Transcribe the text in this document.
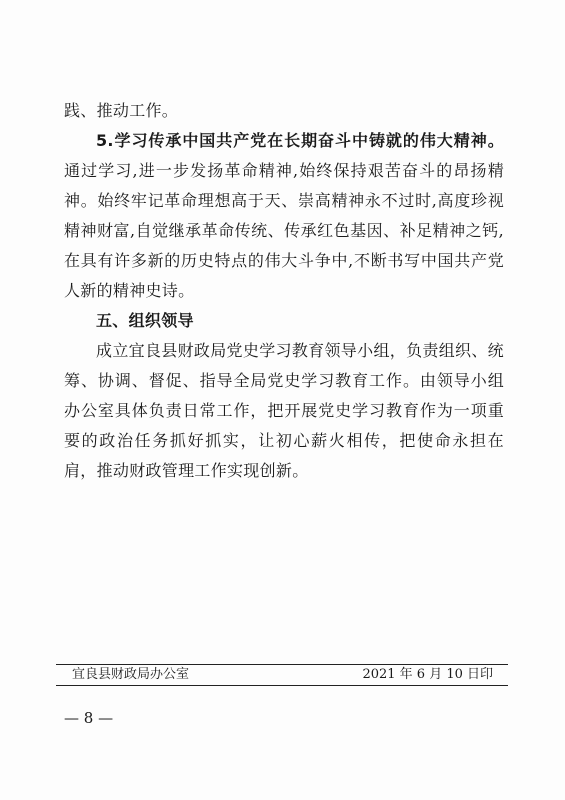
践、推动工作。

5.学习传承中国共产党在长期奋斗中铸就的伟大精神。通过学习,进一步发扬革命精神,始终保持艰苦奋斗的昂扬精神。始终牢记革命理想高于天、崇高精神永不过时,高度珍视精神财富,自觉继承革命传统、传承红色基因、补足精神之钙,在具有许多新的历史特点的伟大斗争中,不断书写中国共产党人新的精神史诗。

五、组织领导

成立宜良县财政局党史学习教育领导小组，负责组织、统筹、协调、督促、指导全局党史学习教育工作。由领导小组办公室具体负责日常工作，把开展党史学习教育作为一项重要的政治任务抓好抓实，让初心薪火相传，把使命永担在肩，推动财政管理工作实现创新。

宜良县财政局办公室	2021 年 6 月 10 日印
— 8 —
